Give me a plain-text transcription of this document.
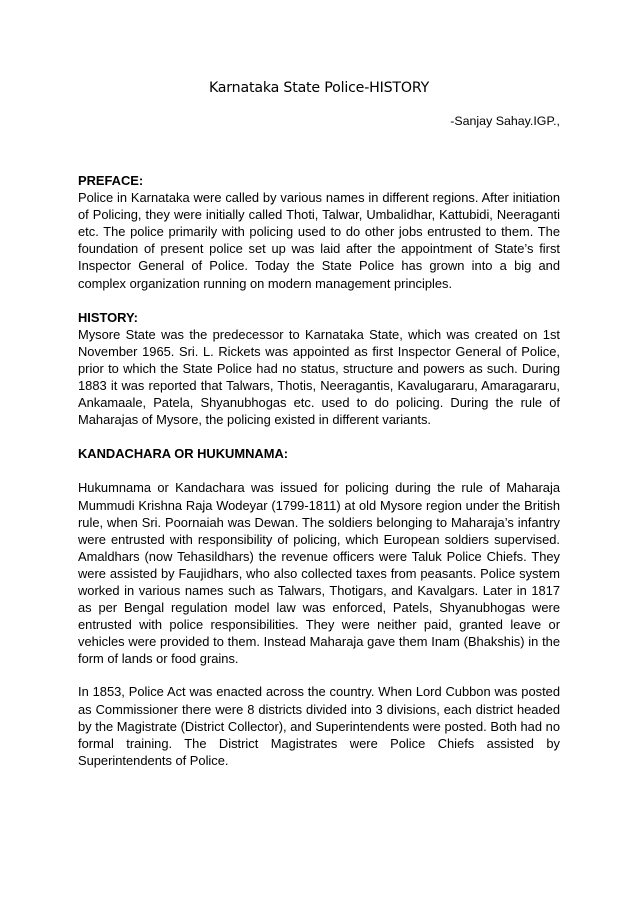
Karnataka State Police-HISTORY
-Sanjay Sahay.IGP.,

PREFACE:

Police in Karnataka were called by various names in different regions. After initiation of Policing, they were initially called Thoti, Talwar, Umbalidhar, Kattubidi, Neeraganti etc. The police primarily with policing used to do other jobs entrusted to them. The foundation of present police set up was laid after the appointment of State’s first Inspector General of Police. Today the State Police has grown into a big and complex organization running on modern management principles.

HISTORY:

Mysore State was the predecessor to Karnataka State, which was created on 1st November 1965. Sri. L. Rickets was appointed as first Inspector General of Police, prior to which the State Police had no status, structure and powers as such. During 1883 it was reported that Talwars, Thotis, Neeragantis, Kavalugararu, Amaragararu, Ankamaale, Patela, Shyanubhogas etc. used to do policing. During the rule of Maharajas of Mysore, the policing existed in different variants.

KANDACHARA OR HUKUMNAMA:

Hukumnama or Kandachara was issued for policing during the rule of Maharaja Mummudi Krishna Raja Wodeyar (1799-1811) at old Mysore region under the British rule, when Sri. Poornaiah was Dewan. The soldiers belonging to Maharaja’s infantry were entrusted with responsibility of policing, which European soldiers supervised. Amaldhars (now Tehasildhars) the revenue officers were Taluk Police Chiefs. They were assisted by Faujidhars, who also collected taxes from peasants. Police system worked in various names such as Talwars, Thotigars, and Kavalgars. Later in 1817 as per Bengal regulation model law was enforced, Patels, Shyanubhogas were entrusted with police responsibilities. They were neither paid, granted leave or vehicles were provided to them. Instead Maharaja gave them Inam (Bhakshis) in the form of lands or food grains.

In 1853, Police Act was enacted across the country. When Lord Cubbon was posted as Commissioner there were 8 districts divided into 3 divisions, each district headed by the Magistrate (District Collector), and Superintendents were posted. Both had no formal training. The District Magistrates were Police Chiefs assisted by Superintendents of Police.
